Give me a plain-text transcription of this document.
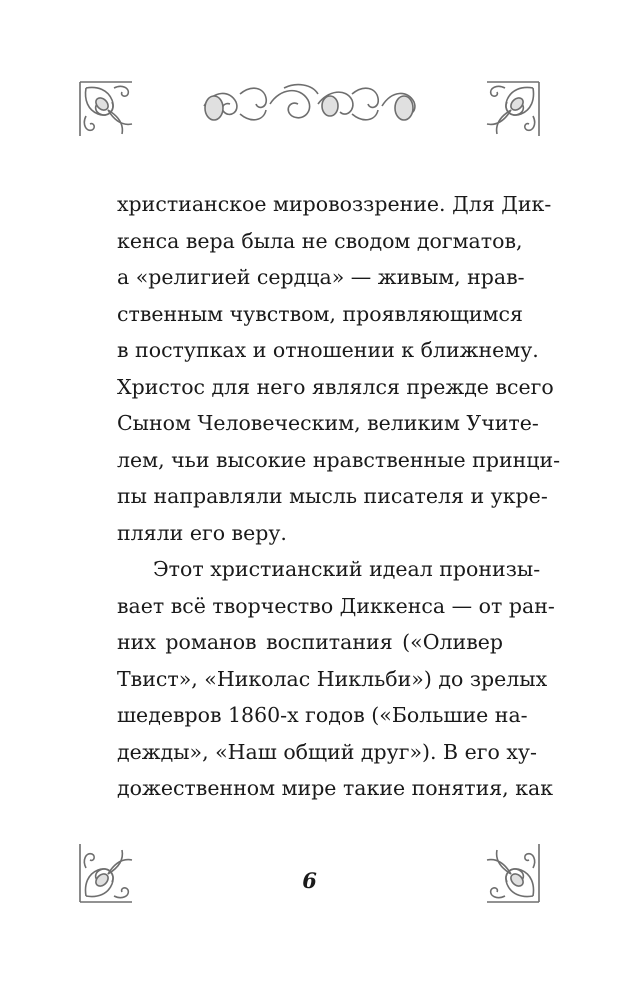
христианское мировоззрение. Для Дик-
кенса вера была не сводом догматов,
а «религией сердца» — живым, нрав-
ственным чувством, проявляющимся
в поступках и отношении к ближнему.
Христос для него являлся прежде всего
Сыном Человеческим, великим Учите-
лем, чьи высокие нравственные принци-
пы направляли мысль писателя и укре-
пляли его веру.
Этот христианский идеал пронизы-
вает всё творчество Диккенса — от ран-
них романов воспитания («Оливер
Твист», «Николас Никльби») до зрелых
шедевров 1860-х годов («Большие на-
дежды», «Наш общий друг»). В его ху-
дожественном мире такие понятия, как
6
